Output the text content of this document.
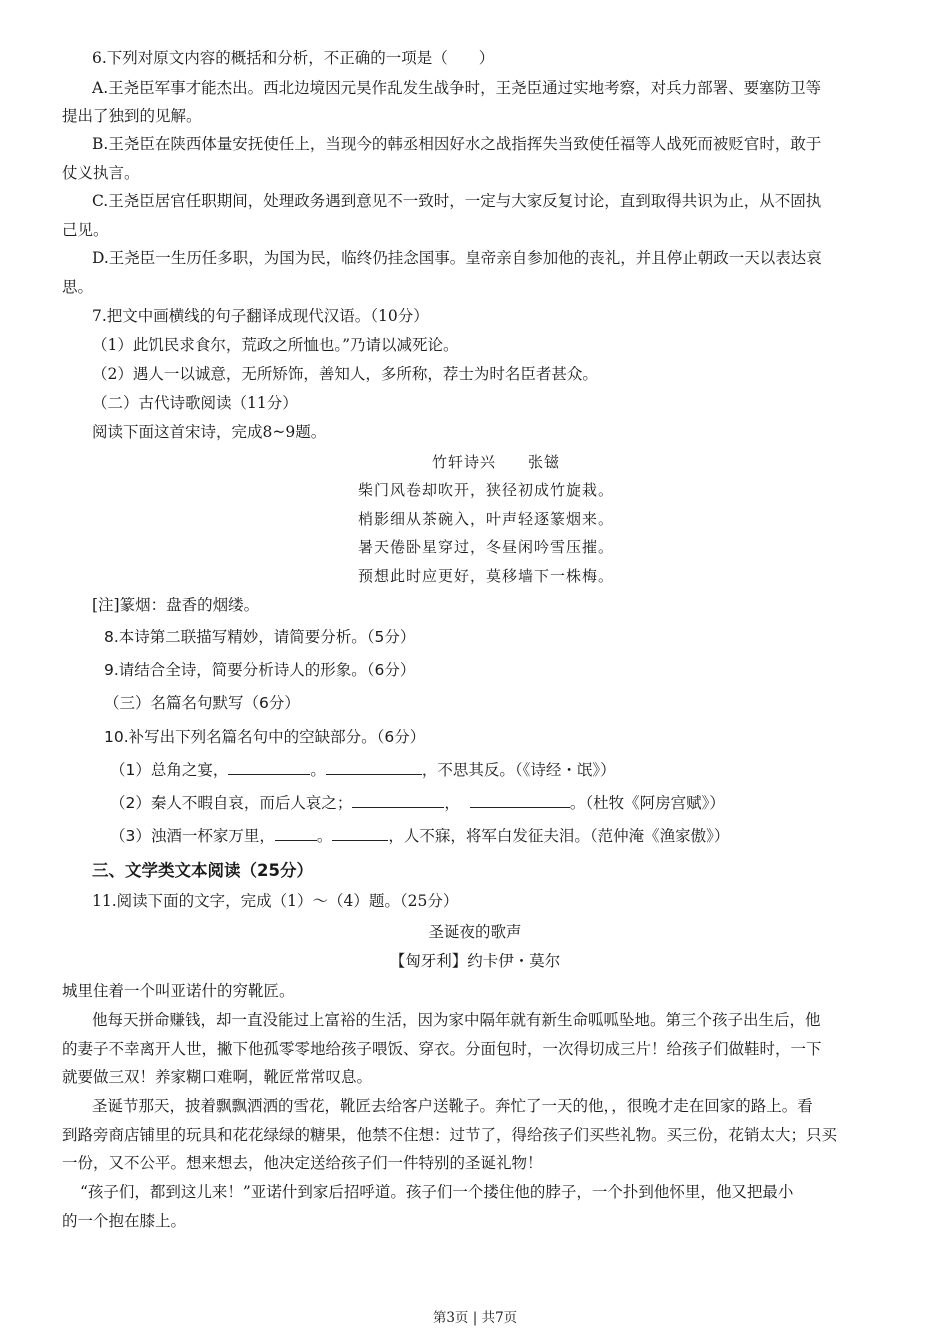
6.下列对原文内容的概括和分析，不正确的一项是（　　）
A.王尧臣军事才能杰出。西北边境因元昊作乱发生战争时，王尧臣通过实地考察，对兵力部署、要塞防卫等
提出了独到的见解。
B.王尧臣在陕西体量安抚使任上，当现今的韩丞相因好水之战指挥失当致使任福等人战死而被贬官时，敢于
仗义执言。
C.王尧臣居官任职期间，处理政务遇到意见不一致时，一定与大家反复讨论，直到取得共识为止，从不固执
己见。
D.王尧臣一生历任多职，为国为民，临终仍挂念国事。皇帝亲自参加他的丧礼，并且停止朝政一天以表达哀
思。
7.把文中画横线的句子翻译成现代汉语。（10分）
（1）此饥民求食尔，荒政之所恤也。”乃请以减死论。
（2）遇人一以诚意，无所矫饰，善知人，多所称，荐士为时名臣者甚众。
（二）古代诗歌阅读（11分）
阅读下面这首宋诗，完成8~9题。
竹轩诗兴　　张镃
柴门风卷却吹开，狭径初成竹旋栽。
梢影细从茶碗入，叶声轻逐篆烟来。
暑天倦卧星穿过，冬昼闲吟雪压摧。
预想此时应更好，莫移墙下一株梅。
[注]篆烟：盘香的烟缕。
8.本诗第二联描写精妙，请简要分析。（5分）
9.请结合全诗，简要分析诗人的形象。（6分）
（三）名篇名句默写（6分）
10.补写出下列名篇名句中的空缺部分。（6分）
（1）总角之宴，	。	，不思其反。（《诗经・氓》）
（2）秦人不暇自哀，而后人哀之；	，	。（杜牧《阿房宫赋》）
（3）浊酒一杯家万里，	。	，人不寐，将军白发征夫泪。（范仲淹《渔家傲》）
三、文学类文本阅读（25分）
11.阅读下面的文字，完成（1）～（4）题。（25分）
圣诞夜的歌声
【匈牙利】约卡伊・莫尔
城里住着一个叫亚诺什的穷靴匠。
他每天拼命赚钱，却一直没能过上富裕的生活，因为家中隔年就有新生命呱呱坠地。第三个孩子出生后，他
的妻子不幸离开人世，撇下他孤零零地给孩子喂饭、穿衣。分面包时，一次得切成三片！给孩子们做鞋时，一下
就要做三双！养家糊口难啊，靴匠常常叹息。
圣诞节那天，披着飘飘洒洒的雪花，靴匠去给客户送靴子。奔忙了一天的他，，很晚才走在回家的路上。看
到路旁商店铺里的玩具和花花绿绿的糖果，他禁不住想：过节了，得给孩子们买些礼物。买三份，花销太大；只买
一份，又不公平。想来想去，他决定送给孩子们一件特别的圣诞礼物！
“孩子们，都到这儿来！”亚诺什到家后招呼道。孩子们一个搂住他的脖子，一个扑到他怀里，他又把最小
的一个抱在膝上。
第3页 | 共7页
